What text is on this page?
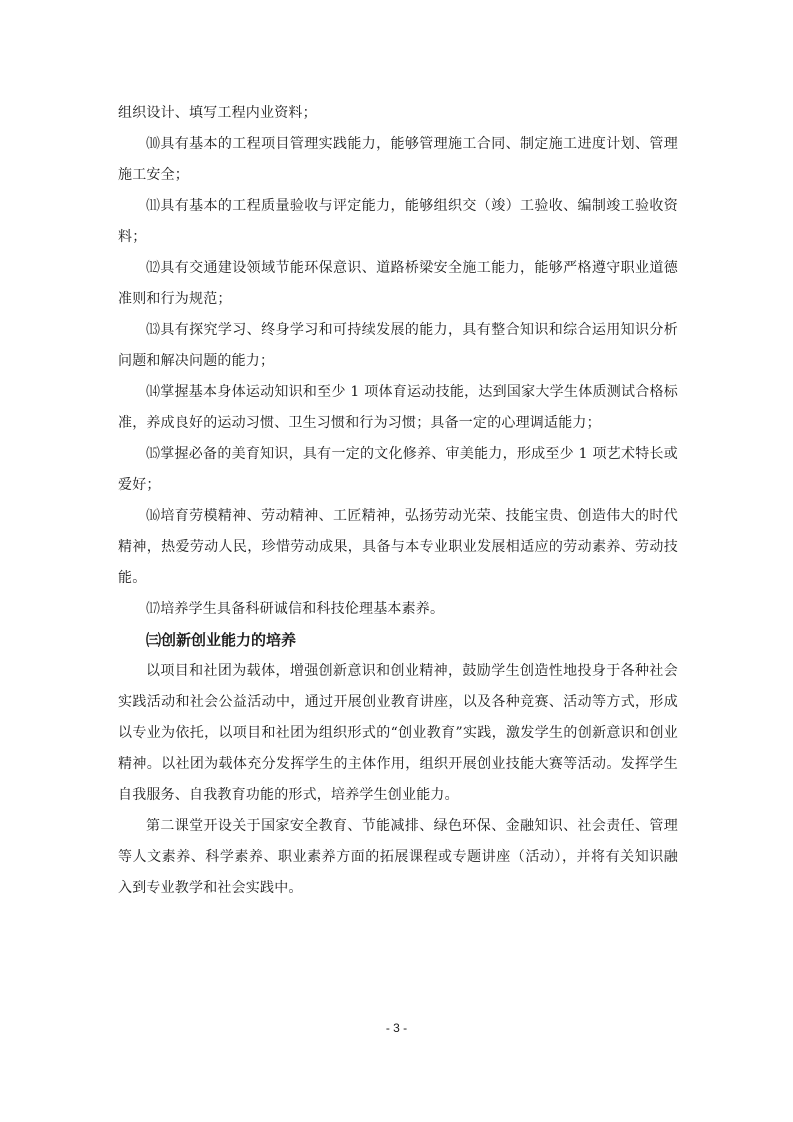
组织设计、填写工程内业资料；

⑽具有基本的工程项目管理实践能力，能够管理施工合同、制定施工进度计划、管理施工安全；

⑾具有基本的工程质量验收与评定能力，能够组织交（竣）工验收、编制竣工验收资料；

⑿具有交通建设领域节能环保意识、道路桥梁安全施工能力，能够严格遵守职业道德准则和行为规范；

⒀具有探究学习、终身学习和可持续发展的能力，具有整合知识和综合运用知识分析问题和解决问题的能力；

⒁掌握基本身体运动知识和至少 1 项体育运动技能，达到国家大学生体质测试合格标准，养成良好的运动习惯、卫生习惯和行为习惯；具备一定的心理调适能力；

⒂掌握必备的美育知识，具有一定的文化修养、审美能力，形成至少 1 项艺术特长或爱好；

⒃培育劳模精神、劳动精神、工匠精神，弘扬劳动光荣、技能宝贵、创造伟大的时代精神，热爱劳动人民，珍惜劳动成果，具备与本专业职业发展相适应的劳动素养、劳动技能。

⒄培养学生具备科研诚信和科技伦理基本素养。

㈢创新创业能力的培养

以项目和社团为载体，增强创新意识和创业精神，鼓励学生创造性地投身于各种社会实践活动和社会公益活动中，通过开展创业教育讲座，以及各种竞赛、活动等方式，形成以专业为依托，以项目和社团为组织形式的“创业教育”实践，激发学生的创新意识和创业精神。以社团为载体充分发挥学生的主体作用，组织开展创业技能大赛等活动。发挥学生自我服务、自我教育功能的形式，培养学生创业能力。

第二课堂开设关于国家安全教育、节能减排、绿色环保、金融知识、社会责任、管理等人文素养、科学素养、职业素养方面的拓展课程或专题讲座（活动），并将有关知识融入到专业教学和社会实践中。

- 3 -
